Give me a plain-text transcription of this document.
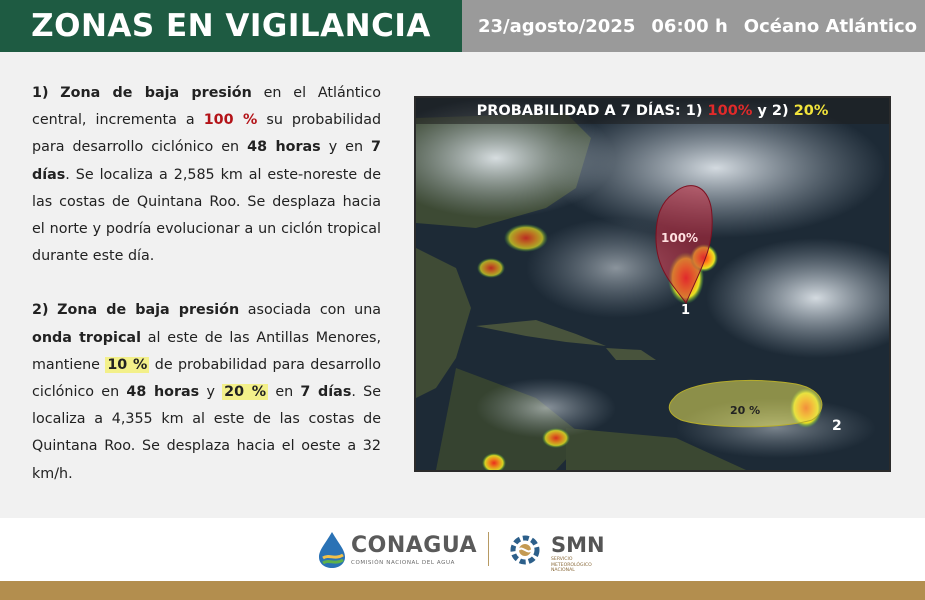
ZONAS EN VIGILANCIA	23/agosto/2025 06:00 h Océano Atlántico

1) Zona de baja presión en el Atlántico central, incrementa a 100 % su probabilidad para desarrollo ciclónico en 48 horas y en 7 días. Se localiza a 2,585 km al este-noreste de las costas de Quintana Roo. Se desplaza hacia el norte y podría evolucionar a un ciclón tropical durante este día.

2) Zona de baja presión asociada con una onda tropical al este de las Antillas Menores, mantiene 10 % de probabilidad para desarrollo ciclónico en 48 horas y 20 % en 7 días. Se localiza a 4,355 km al este de las costas de Quintana Roo. Se desplaza hacia el oeste a 32 km/h.

100%
1
20 %
2
PROBABILIDAD A 7 DÍAS: 1)
100%
y 2)
20%
CONAGUA
COMISIÓN NACIONAL DEL AGUA
SMN
SERVICIO METEOROLÓGICO NACIONAL
